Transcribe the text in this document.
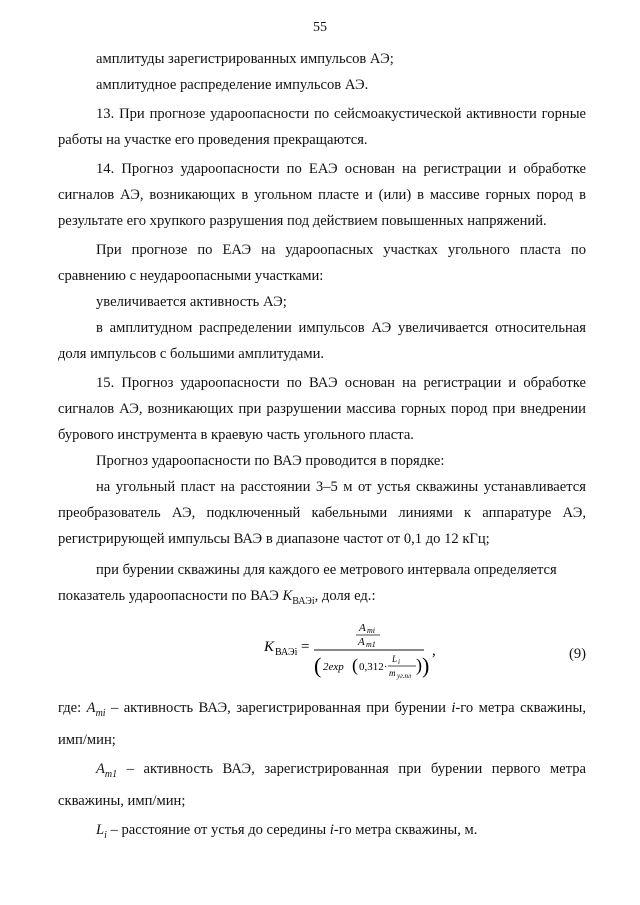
55

амплитуды зарегистрированных импульсов АЭ;

амплитудное распределение импульсов АЭ.

13. При прогнозе удароопасности по сейсмоакустической активности горные работы на участке его проведения прекращаются.

14. Прогноз удароопасности по ЕАЭ основан на регистрации и обработке сигналов АЭ, возникающих в угольном пласте и (или) в массиве горных пород в результате его хрупкого разрушения под действием повышенных напряжений.

При прогнозе по ЕАЭ на удароопасных участках угольного пласта по сравнению с неудароопасными участками:

увеличивается активность АЭ;

в амплитудном распределении импульсов АЭ увеличивается относительная доля импульсов с большими амплитудами.

15. Прогноз удароопасности по ВАЭ основан на регистрации и обработке сигналов АЭ, возникающих при разрушении массива горных пород при внедрении бурового инструмента в краевую часть угольного пласта.

Прогноз удароопасности по ВАЭ проводится в порядке:

на угольный пласт на расстоянии 3–5 м от устья скважины устанавливается преобразователь АЭ, подключенный кабельными линиями к аппаратуре АЭ, регистрирующей импульсы ВАЭ в диапазоне частот от 0,1 до 12 кГц;

при бурении скважины для каждого ее метрового интервала определяется

показатель удароопасности по ВАЭ $К_{ВАЭi}$, доля ед.:

К ВАЭi =
A mi
A m1
( 2exp ( 0,312·
L i
m уг.пл
) )
,	(9)

где: $A_{mi}$ – активность ВАЭ, зарегистрированная при бурении i-го метра скважины, имп/мин;

$A_{m1}$ – активность ВАЭ, зарегистрированная при бурении первого метра скважины, имп/мин;

$L_i$ – расстояние от устья до середины i-го метра скважины, м.
